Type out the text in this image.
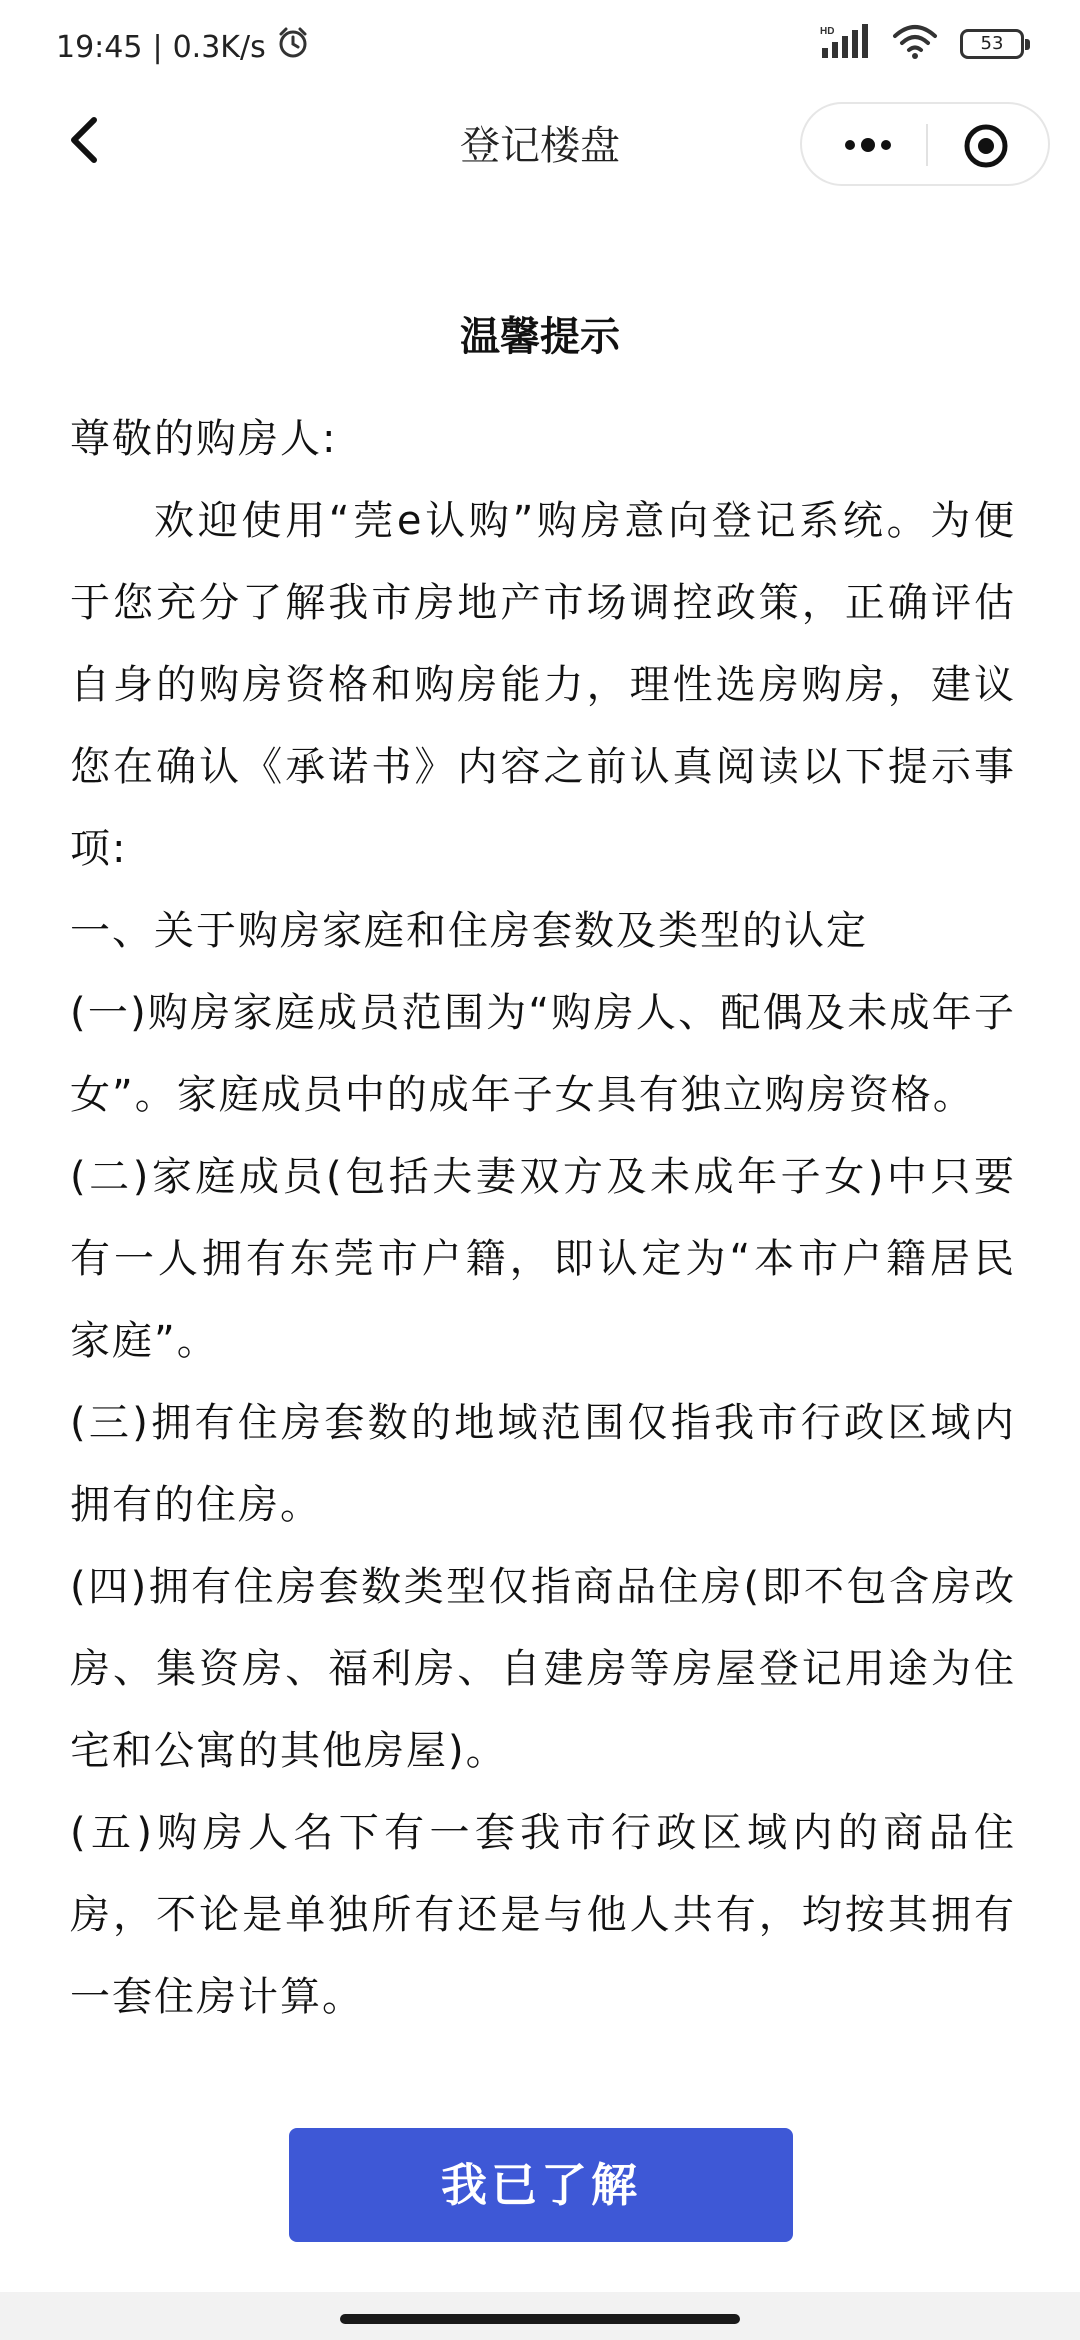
19:45 | 0.3K/s	HD
53
登记楼盘
温馨提示

尊敬的购房人:

欢迎使用“莞e认购”购房意向登记系统。为便于您充分了解我市房地产市场调控政策，正确评估自身的购房资格和购房能力，理性选房购房，建议您在确认《承诺书》内容之前认真阅读以下提示事项:

一、关于购房家庭和住房套数及类型的认定

(一)购房家庭成员范围为“购房人、配偶及未成年子女”。家庭成员中的成年子女具有独立购房资格。

(二)家庭成员(包括夫妻双方及未成年子女)中只要有一人拥有东莞市户籍，即认定为“本市户籍居民家庭”。

(三)拥有住房套数的地域范围仅指我市行政区域内拥有的住房。

(四)拥有住房套数类型仅指商品住房(即不包含房改房、集资房、福利房、自建房等房屋登记用途为住宅和公寓的其他房屋)。

(五)购房人名下有一套我市行政区域内的商品住房，不论是单独所有还是与他人共有，均按其拥有一套住房计算。

我已了解
